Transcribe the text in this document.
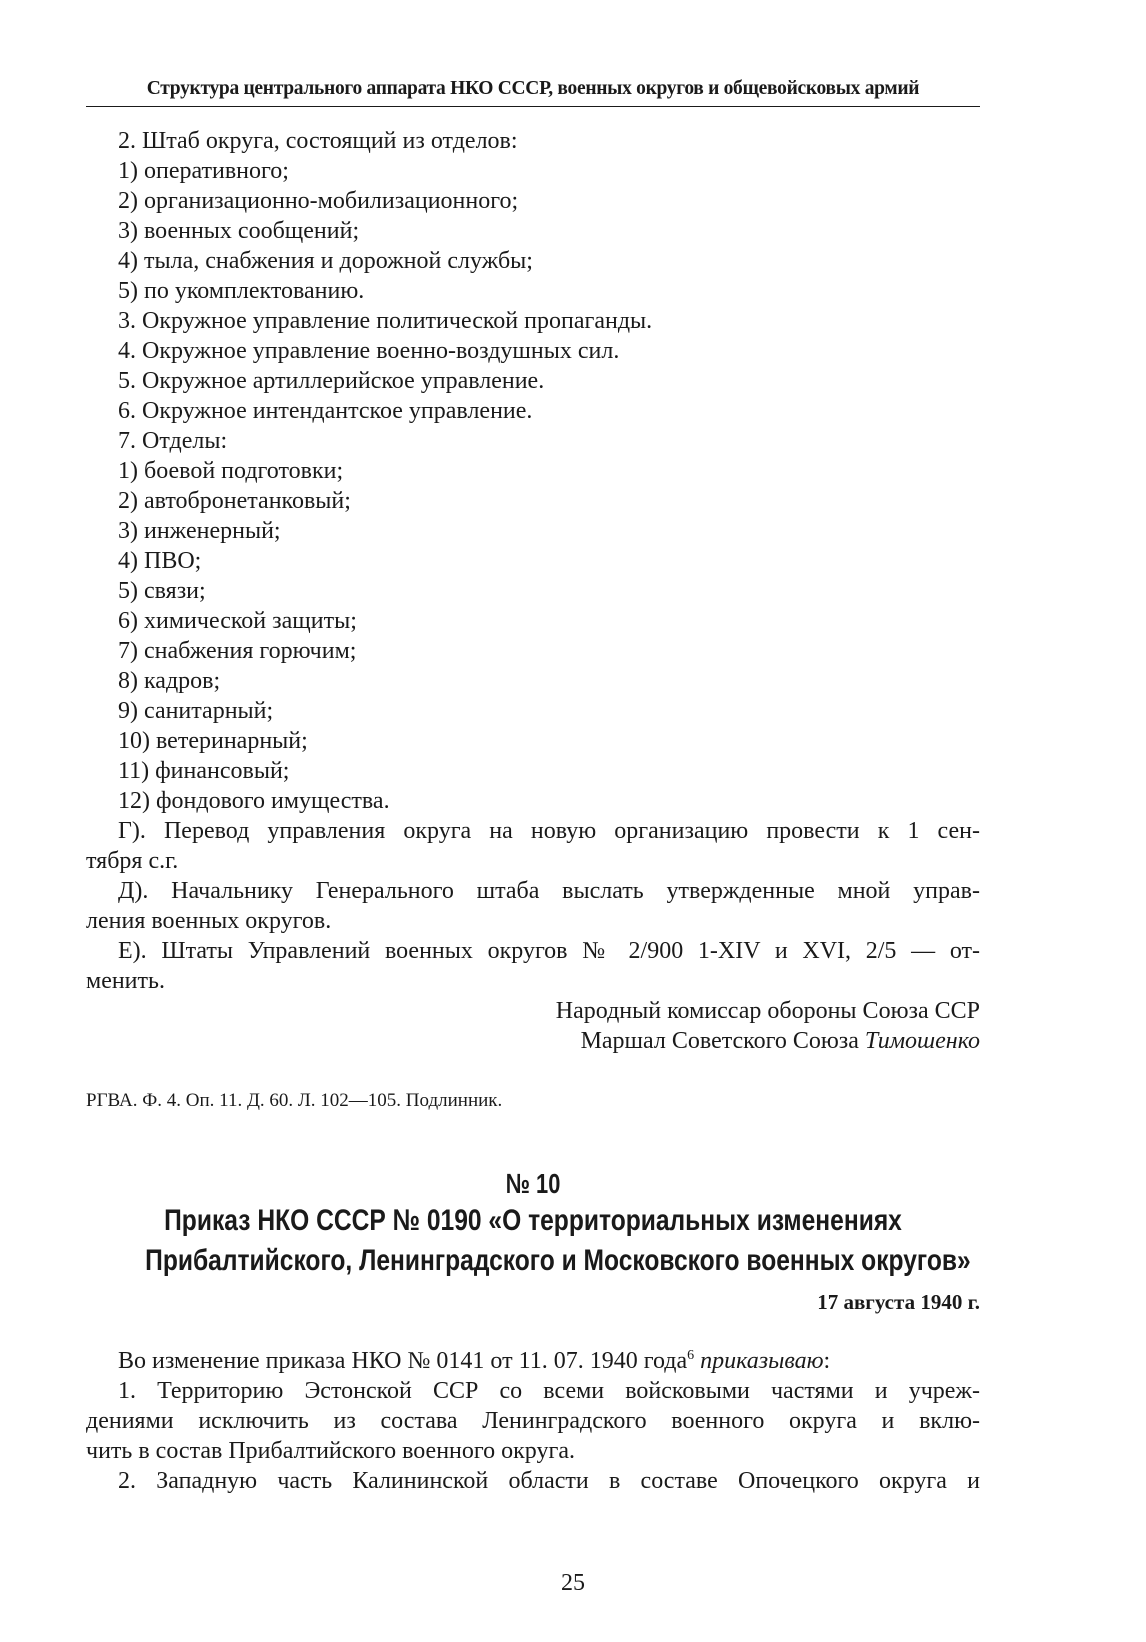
Структура центрального аппарата НКО СССР, военных округов и общевойсковых армий
2. Штаб округа, состоящий из отделов:
1) оперативного;
2) организационно-мобилизационного;
3) военных сообщений;
4) тыла, снабжения и дорожной службы;
5) по укомплектованию.
3. Окружное управление политической пропаганды.
4. Окружное управление военно-воздушных сил.
5. Окружное артиллерийское управление.
6. Окружное интендантское управление.
7. Отделы:
1) боевой подготовки;
2) автобронетанковый;
3) инженерный;
4) ПВО;
5) связи;
6) химической защиты;
7) снабжения горючим;
8) кадров;
9) санитарный;
10) ветеринарный;
11) финансовый;
12) фондового имущества.
Г). Перевод управления округа на новую организацию провести к 1 сен-
тября с.г.
Д). Начальнику Генерального штаба выслать утвержденные мной управ-
ления военных округов.
Е). Штаты Управлений военных округов № 2/900 1-XIV и XVI, 2/5 — от-
менить.
Народный комиссар обороны Союза ССР
Маршал Советского Союза Тимошенко
РГВА. Ф. 4. Оп. 11. Д. 60. Л. 102—105. Подлинник.
№ 10
Приказ НКО СССР № 0190 «О территориальных изменениях
Прибалтийского, Ленинградского и Московского военных округов»
17 августа 1940 г.
Во изменение приказа НКО № 0141 от 11. 07. 1940 года$^6$ приказываю:
1. Территорию Эстонской ССР со всеми войсковыми частями и учреж-
дениями исключить из состава Ленинградского военного округа и вклю-
чить в состав Прибалтийского военного округа.
2. Западную часть Калининской области в составе Опочецкого округа и
25
